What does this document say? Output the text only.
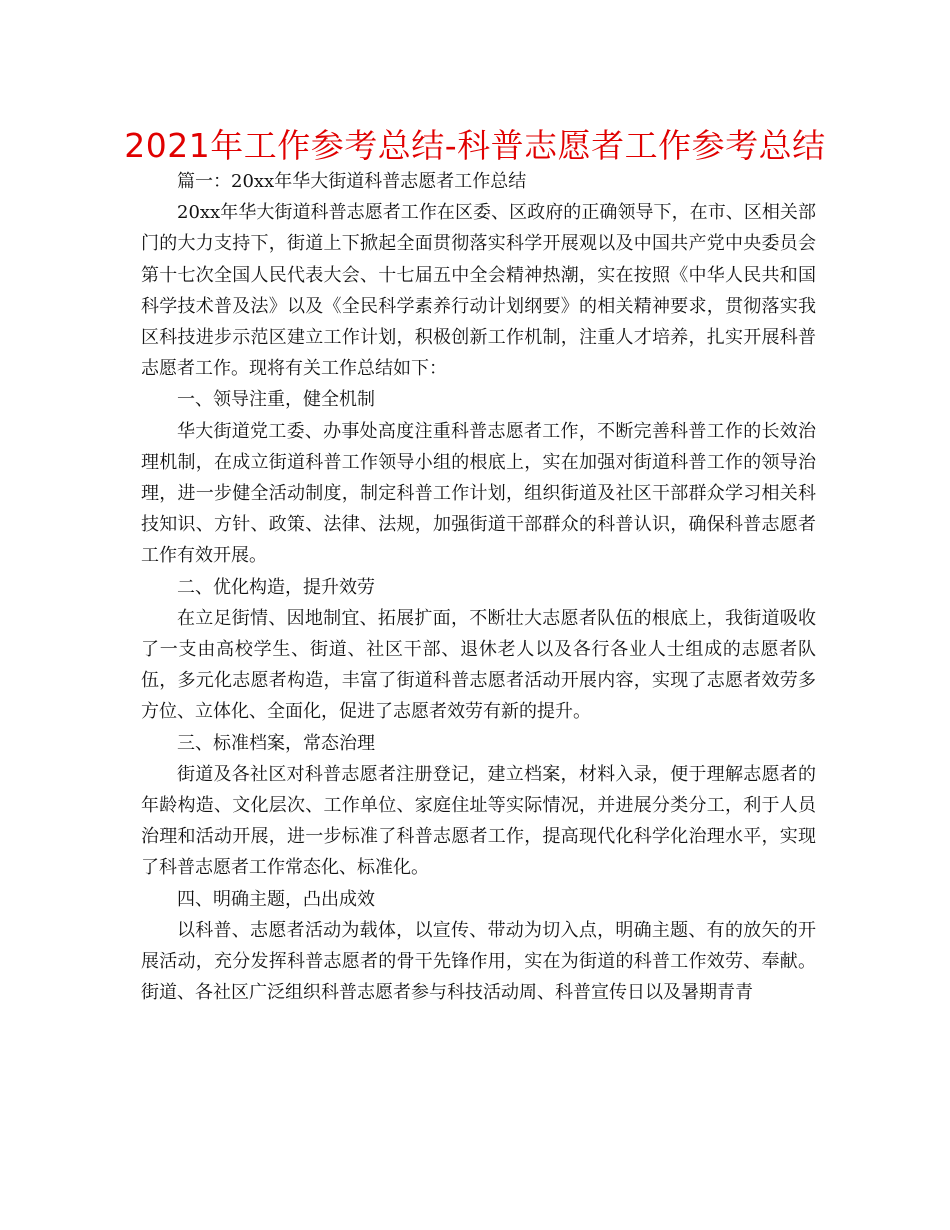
2021年工作参考总结-科普志愿者工作参考总结

篇一：20xx年华大街道科普志愿者工作总结

20xx年华大街道科普志愿者工作在区委、区政府的正确领导下，在市、区相关部门的大力支持下，街道上下掀起全面贯彻落实科学开展观以及中国共产党中央委员会第十七次全国人民代表大会、十七届五中全会精神热潮，实在按照《中华人民共和国科学技术普及法》以及《全民科学素养行动计划纲要》的相关精神要求，贯彻落实我区科技进步示范区建立工作计划，积极创新工作机制，注重人才培养，扎实开展科普志愿者工作。现将有关工作总结如下：

一、领导注重，健全机制

华大街道党工委、办事处高度注重科普志愿者工作，不断完善科普工作的长效治理机制，在成立街道科普工作领导小组的根底上，实在加强对街道科普工作的领导治理，进一步健全活动制度，制定科普工作计划，组织街道及社区干部群众学习相关科技知识、方针、政策、法律、法规，加强街道干部群众的科普认识，确保科普志愿者工作有效开展。

二、优化构造，提升效劳

在立足街情、因地制宜、拓展扩面，不断壮大志愿者队伍的根底上，我街道吸收了一支由高校学生、街道、社区干部、退休老人以及各行各业人士组成的志愿者队伍，多元化志愿者构造，丰富了街道科普志愿者活动开展内容，实现了志愿者效劳多方位、立体化、全面化，促进了志愿者效劳有新的提升。

三、标准档案，常态治理

街道及各社区对科普志愿者注册登记，建立档案，材料入录，便于理解志愿者的年龄构造、文化层次、工作单位、家庭住址等实际情况，并进展分类分工，利于人员治理和活动开展，进一步标准了科普志愿者工作，提高现代化科学化治理水平，实现了科普志愿者工作常态化、标准化。

四、明确主题，凸出成效

以科普、志愿者活动为载体，以宣传、带动为切入点，明确主题、有的放矢的开展活动，充分发挥科普志愿者的骨干先锋作用，实在为街道的科普工作效劳、奉献。街道、各社区广泛组织科普志愿者参与科技活动周、科普宣传日以及暑期青青
